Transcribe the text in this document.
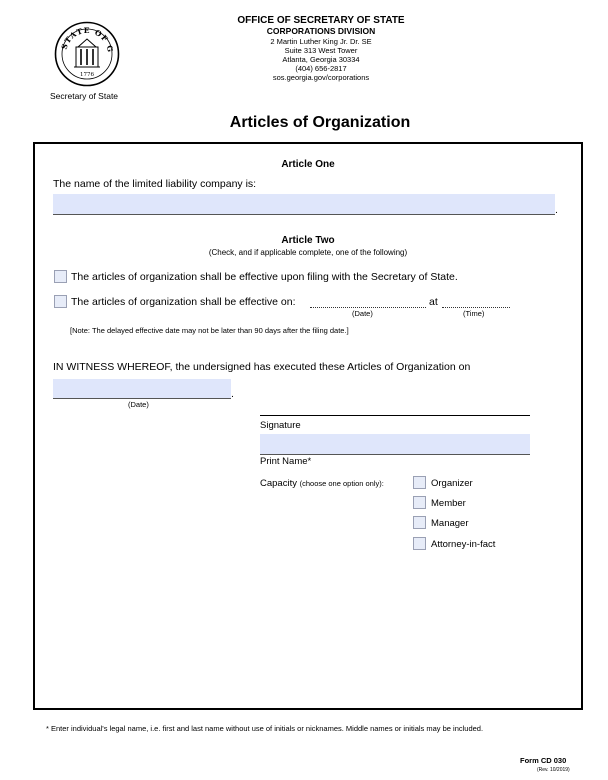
STATE OF G
1776
Secretary of State
OFFICE OF SECRETARY OF STATE
CORPORATIONS DIVISION
2 Martin Luther King Jr. Dr. SE
Suite 313 West Tower
Atlanta, Georgia 30334
(404) 656-2817
sos.georgia.gov/corporations
Articles of Organization
Article One
The name of the limited liability company is:
.
Article Two
(Check, and if applicable complete, one of the following)
The articles of organization shall be effective upon filing with the Secretary of State.
The articles of organization shall be effective on:	at
(Date)	(Time)
[Note: The delayed effective date may not be later than 90 days after the filing date.]
IN WITNESS WHEREOF, the undersigned has executed these Articles of Organization on
.
(Date)
Signature
Print Name*
Capacity (choose one option only):	Organizer
Member
Manager
Attorney-in-fact
* Enter individual's legal name, i.e. first and last name without use of initials or nicknames. Middle names or initials may be included.
Form CD 030
(Rev. 10/2019)
